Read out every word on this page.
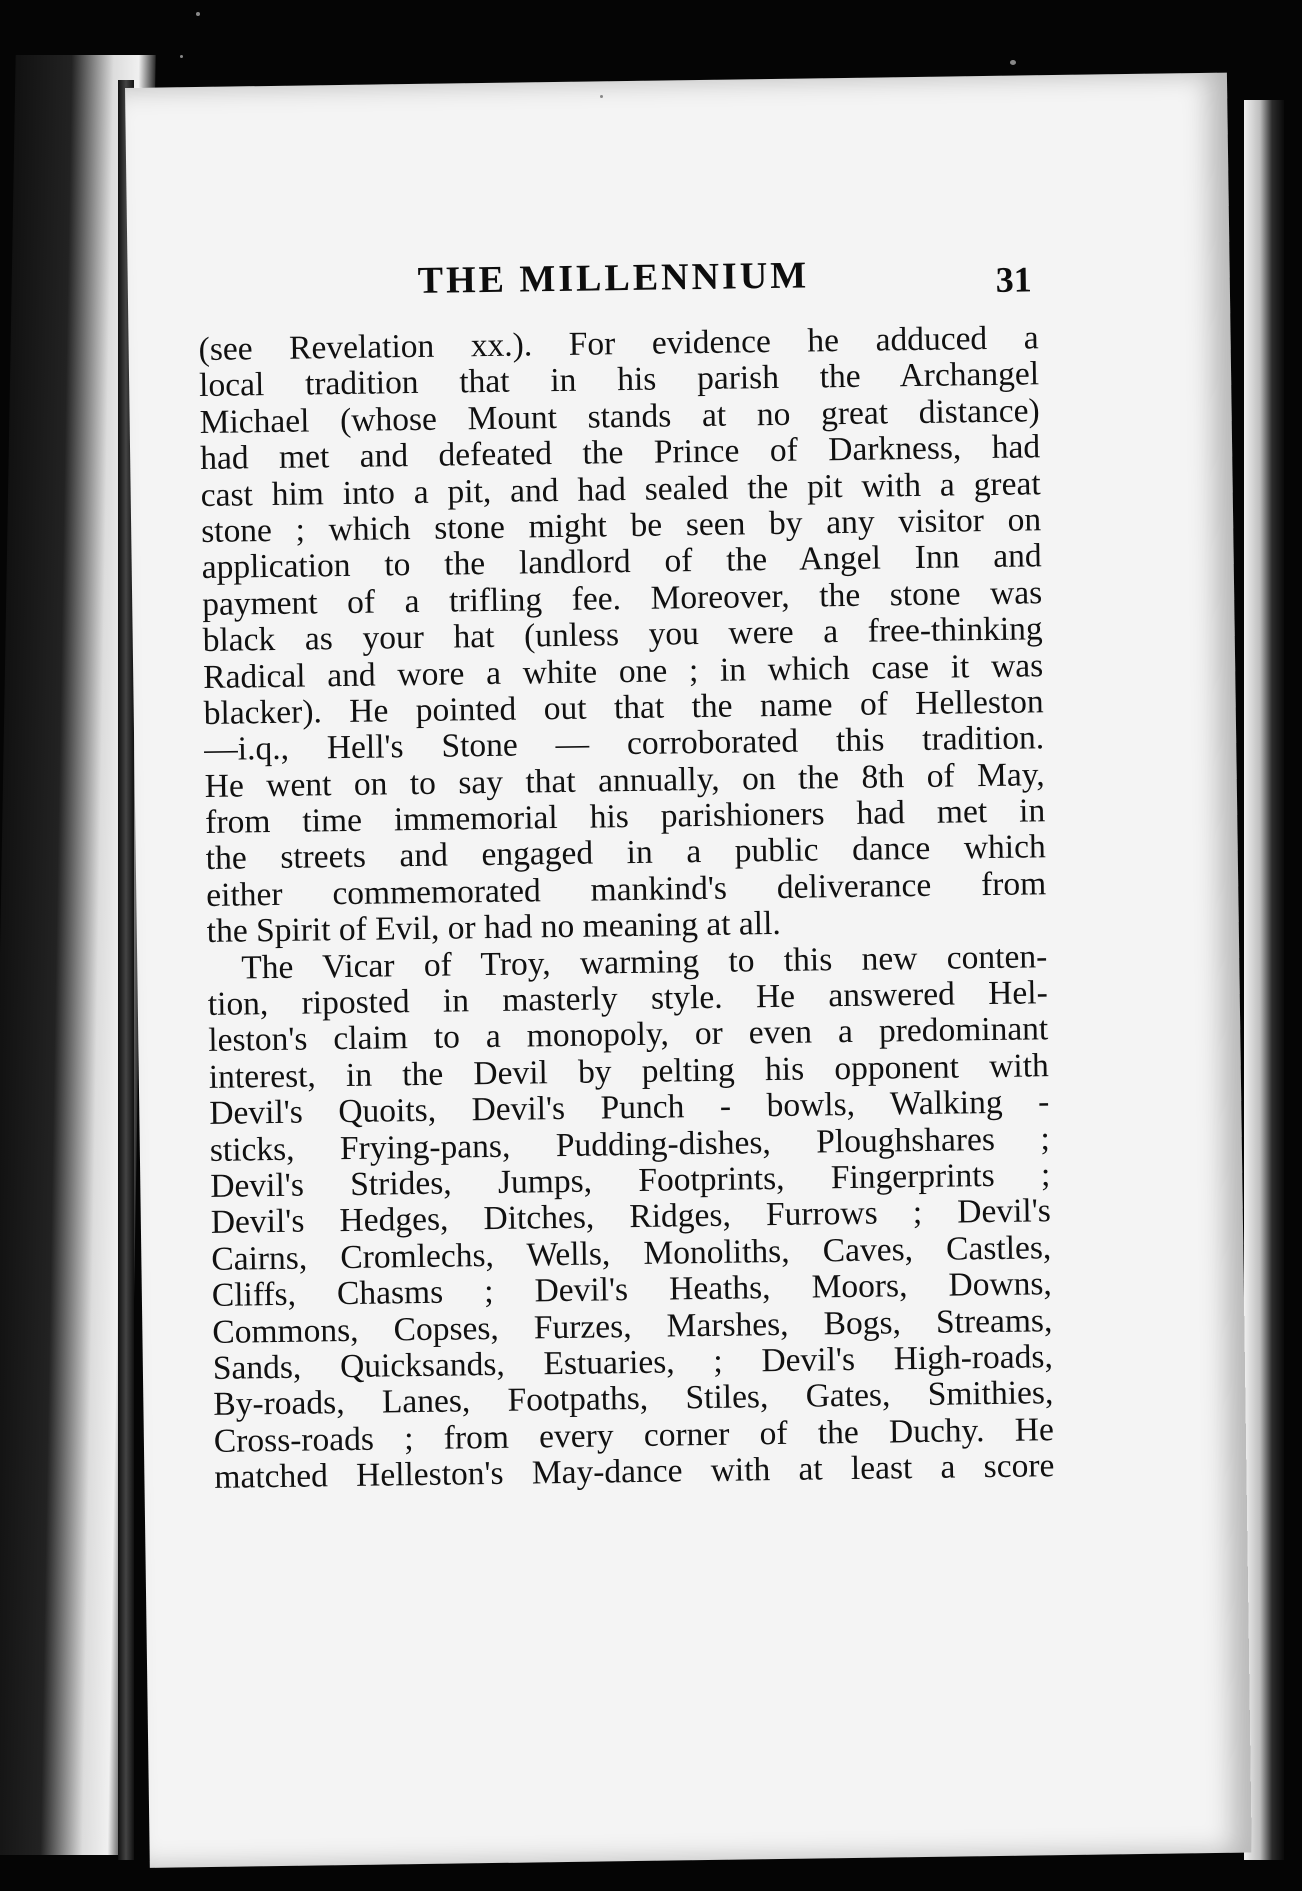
THE MILLENNIUM	31
(see Revelation xx.). For evidence he adduced a
local tradition that in his parish the Archangel
Michael (whose Mount stands at no great distance)
had met and defeated the Prince of Darkness, had
cast him into a pit, and had sealed the pit with a great
stone ; which stone might be seen by any visitor on
application to the landlord of the Angel Inn and
payment of a trifling fee. Moreover, the stone was
black as your hat (unless you were a free-thinking
Radical and wore a white one ; in which case it was
blacker). He pointed out that the name of Helleston
—i.q., Hell's Stone — corroborated this tradition.
He went on to say that annually, on the 8th of May,
from time immemorial his parishioners had met in
the streets and engaged in a public dance which
either commemorated mankind's deliverance from
the Spirit of Evil, or had no meaning at all.
The Vicar of Troy, warming to this new conten-
tion, riposted in masterly style. He answered Hel-
leston's claim to a monopoly, or even a predominant
interest, in the Devil by pelting his opponent with
Devil's Quoits, Devil's Punch - bowls, Walking -
sticks, Frying-pans, Pudding-dishes, Ploughshares ;
Devil's Strides, Jumps, Footprints, Fingerprints ;
Devil's Hedges, Ditches, Ridges, Furrows ; Devil's
Cairns, Cromlechs, Wells, Monoliths, Caves, Castles,
Cliffs, Chasms ; Devil's Heaths, Moors, Downs,
Commons, Copses, Furzes, Marshes, Bogs, Streams,
Sands, Quicksands, Estuaries, ; Devil's High-roads,
By-roads, Lanes, Footpaths, Stiles, Gates, Smithies,
Cross-roads ; from every corner of the Duchy. He
matched Helleston's May-dance with at least a score
